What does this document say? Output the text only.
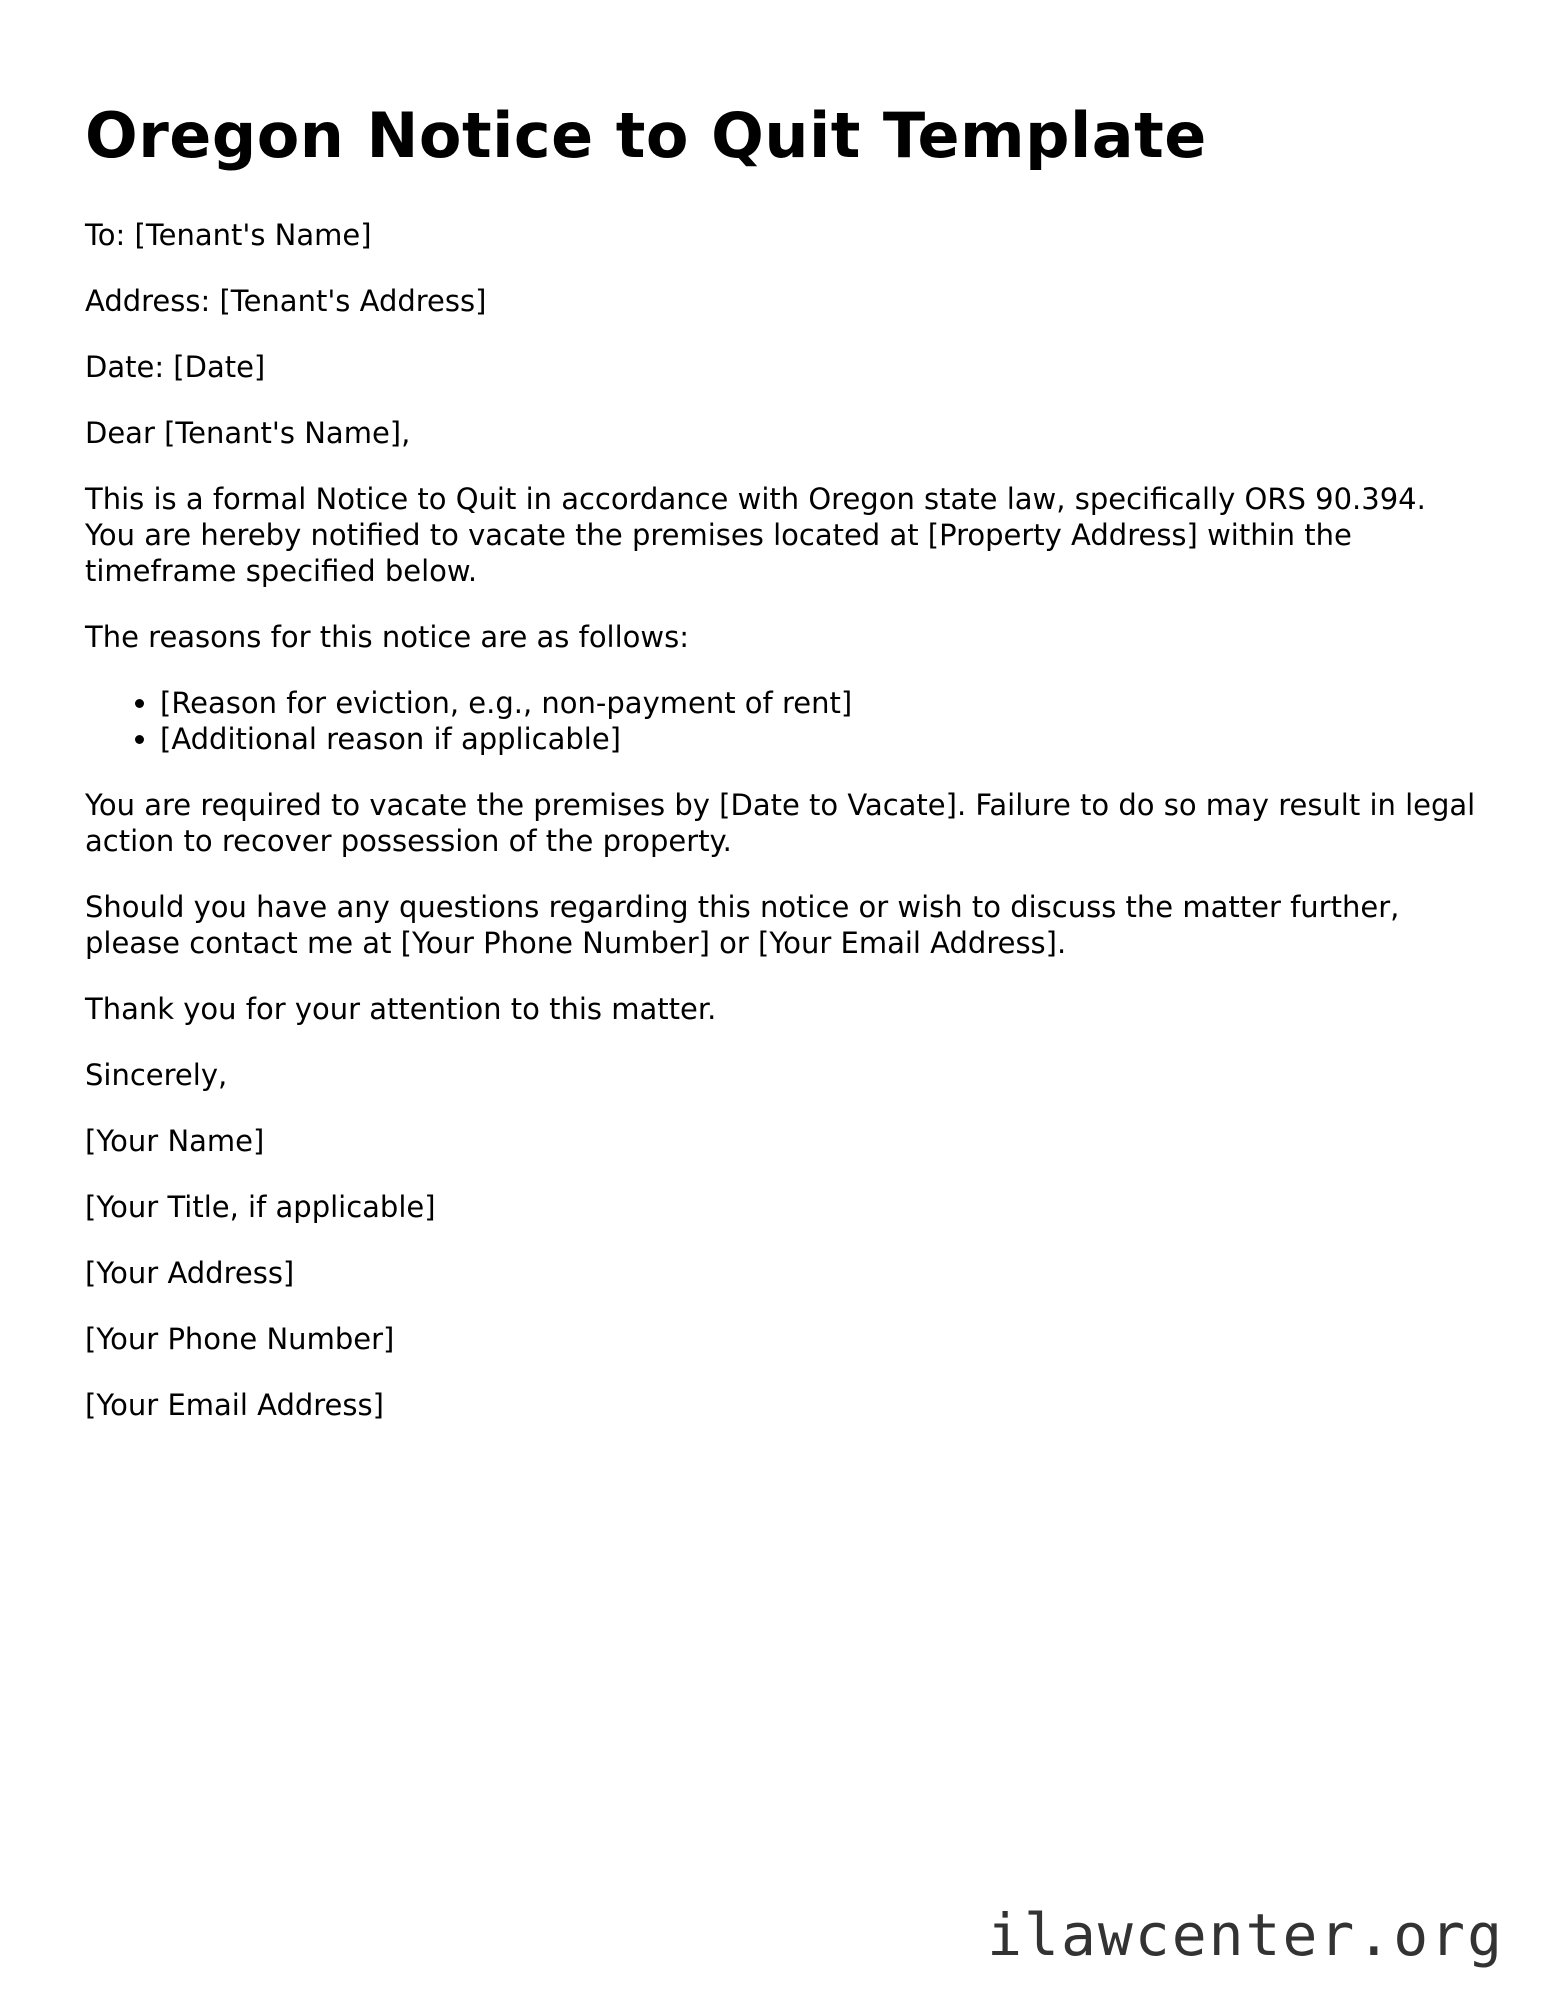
Oregon Notice to Quit Template

To: [Tenant's Name]

Address: [Tenant's Address]

Date: [Date]

Dear [Tenant's Name],

This is a formal Notice to Quit in accordance with Oregon state law, specifically ORS 90.394. You are hereby notified to vacate the premises located at [Property Address] within the timeframe specified below.

The reasons for this notice are as follows:

• [Reason for eviction, e.g., non-payment of rent]
• [Additional reason if applicable]

You are required to vacate the premises by [Date to Vacate]. Failure to do so may result in legal action to recover possession of the property.

Should you have any questions regarding this notice or wish to discuss the matter further, please contact me at [Your Phone Number] or [Your Email Address].

Thank you for your attention to this matter.

Sincerely,

[Your Name]

[Your Title, if applicable]

[Your Address]

[Your Phone Number]

[Your Email Address]

ilawcenter.org
